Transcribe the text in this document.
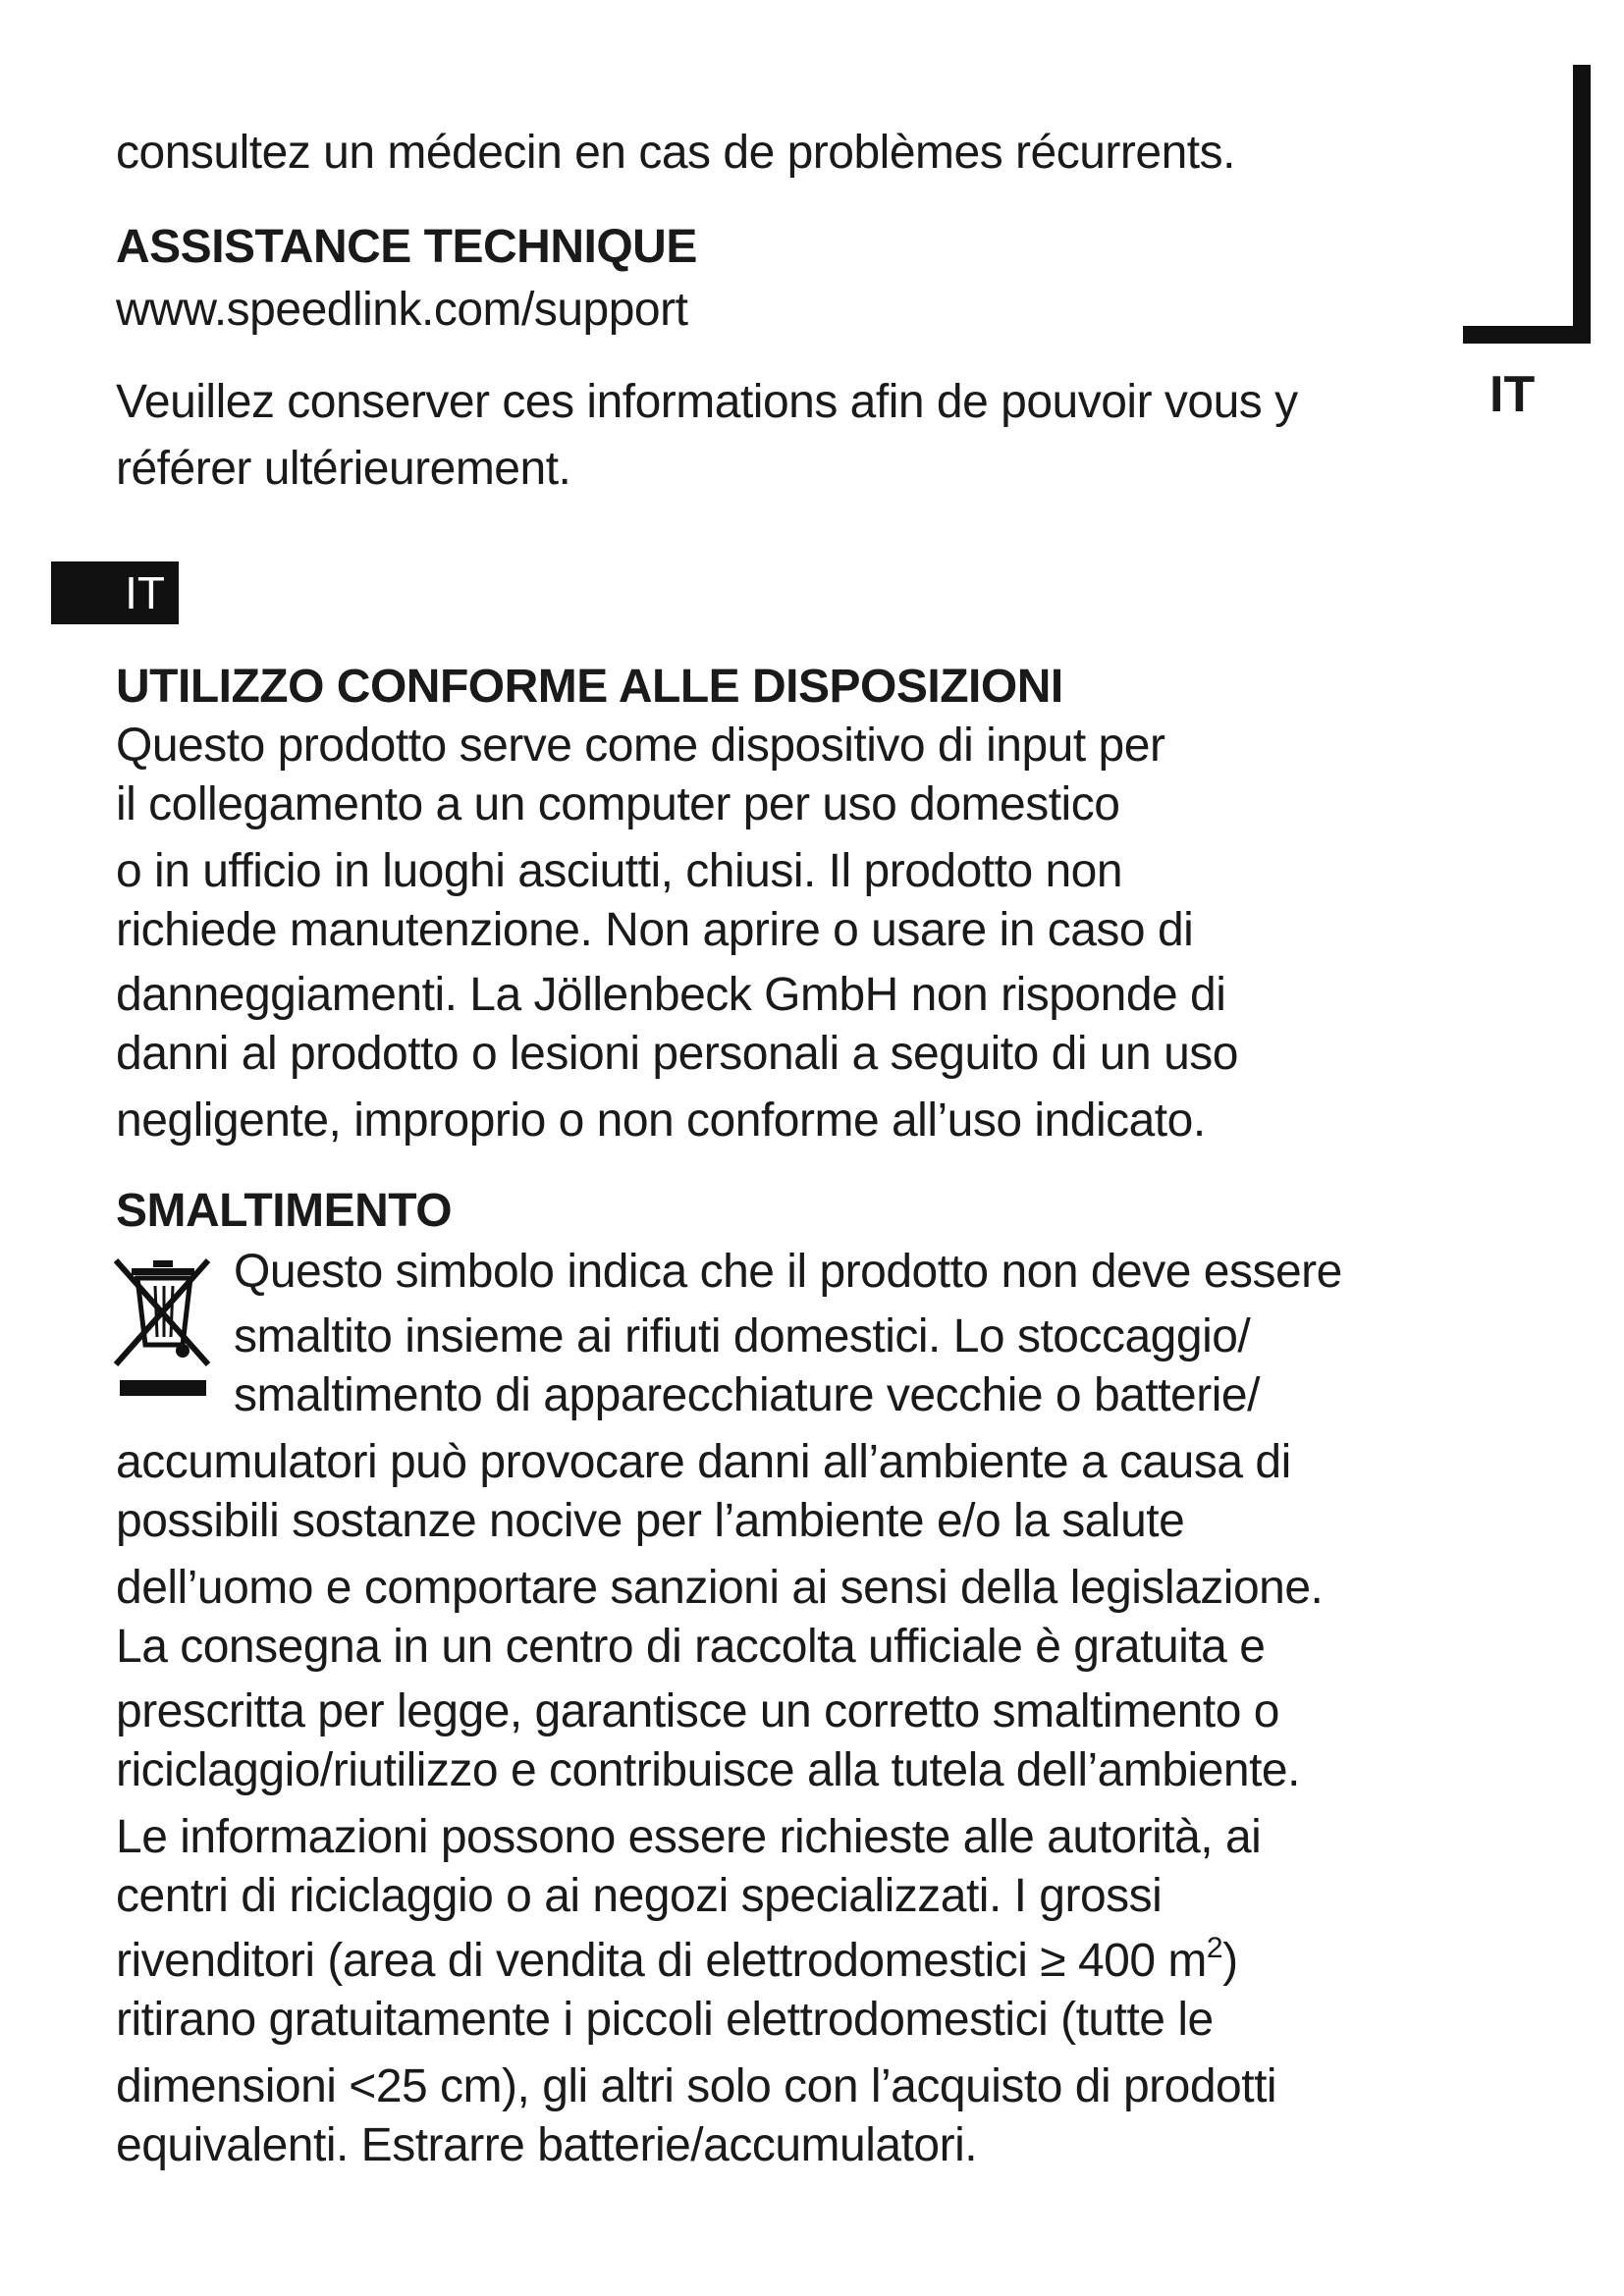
IT
consultez un médecin en cas de problèmes récurrents.
ASSISTANCE TECHNIQUE
www.speedlink.com/support
Veuillez conserver ces informations afin de pouvoir vous y
référer ultérieurement.
IT
UTILIZZO CONFORME ALLE DISPOSIZIONI
Questo prodotto serve come dispositivo di input per
il collegamento a un computer per uso domestico
o in ufficio in luoghi asciutti, chiusi. Il prodotto non
richiede manutenzione. Non aprire o usare in caso di
danneggiamenti. La Jöllenbeck GmbH non risponde di
danni al prodotto o lesioni personali a seguito di un uso
negligente, improprio o non conforme all’uso indicato.
SMALTIMENTO
Questo simbolo indica che il prodotto non deve essere
smaltito insieme ai rifiuti domestici. Lo stoccaggio/
smaltimento di apparecchiature vecchie o batterie/
accumulatori può provocare danni all’ambiente a causa di
possibili sostanze nocive per l’ambiente e/o la salute
dell’uomo e comportare sanzioni ai sensi della legislazione.
La consegna in un centro di raccolta ufficiale è gratuita e
prescritta per legge, garantisce un corretto smaltimento o
riciclaggio/riutilizzo e contribuisce alla tutela dell’ambiente.
Le informazioni possono essere richieste alle autorità, ai
centri di riciclaggio o ai negozi specializzati. I grossi
rivenditori (area di vendita di elettrodomestici ≥ 400 $m^2$)
ritirano gratuitamente i piccoli elettrodomestici (tutte le
dimensioni <25 cm), gli altri solo con l’acquisto di prodotti
equivalenti. Estrarre batterie/accumulatori.
